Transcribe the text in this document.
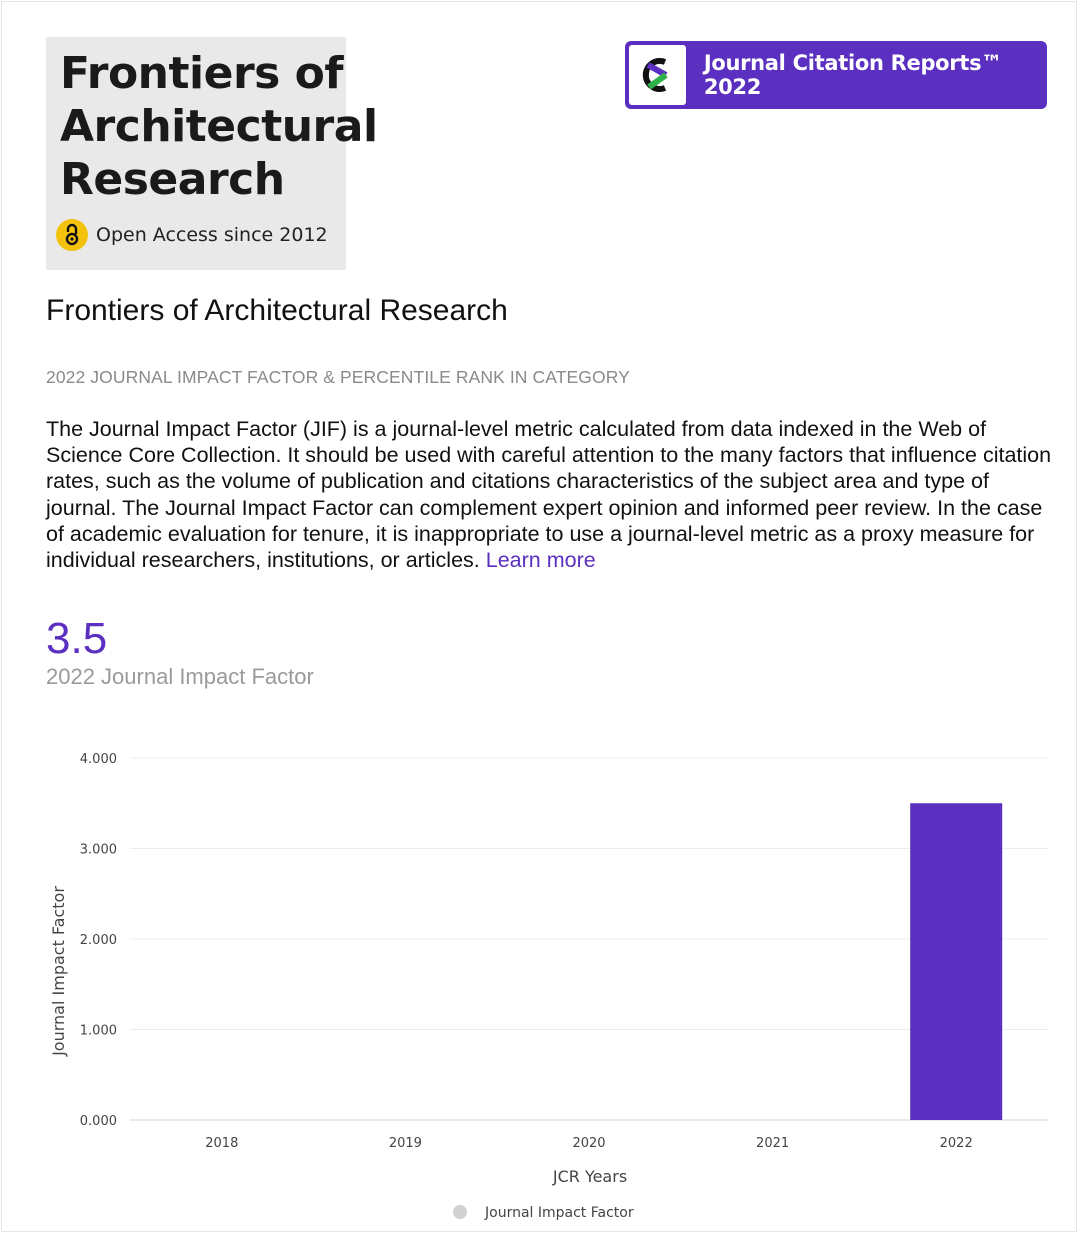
Frontiers of
Architectural
Research
Open Access since 2012
Journal Citation Reports™ 2022
Frontiers of Architectural Research
2022 JOURNAL IMPACT FACTOR & PERCENTILE RANK IN CATEGORY
The Journal Impact Factor (JIF) is a journal-level metric calculated from data indexed in the Web of Science Core Collection. It should be used with careful attention to the many factors that influence citation rates, such as the volume of publication and citations characteristics of the subject area and type of journal. The Journal Impact Factor can complement expert opinion and informed peer review. In the case of academic evaluation for tenure, it is inappropriate to use a journal-level metric as a proxy measure for individual researchers, institutions, or articles. Learn more
3.5
2022 Journal Impact Factor
0.000
1.000
2.000
3.000
4.000
2018	2019	2020	2021	2022
JCR Years
Journal Impact Factor
Journal Impact Factor
